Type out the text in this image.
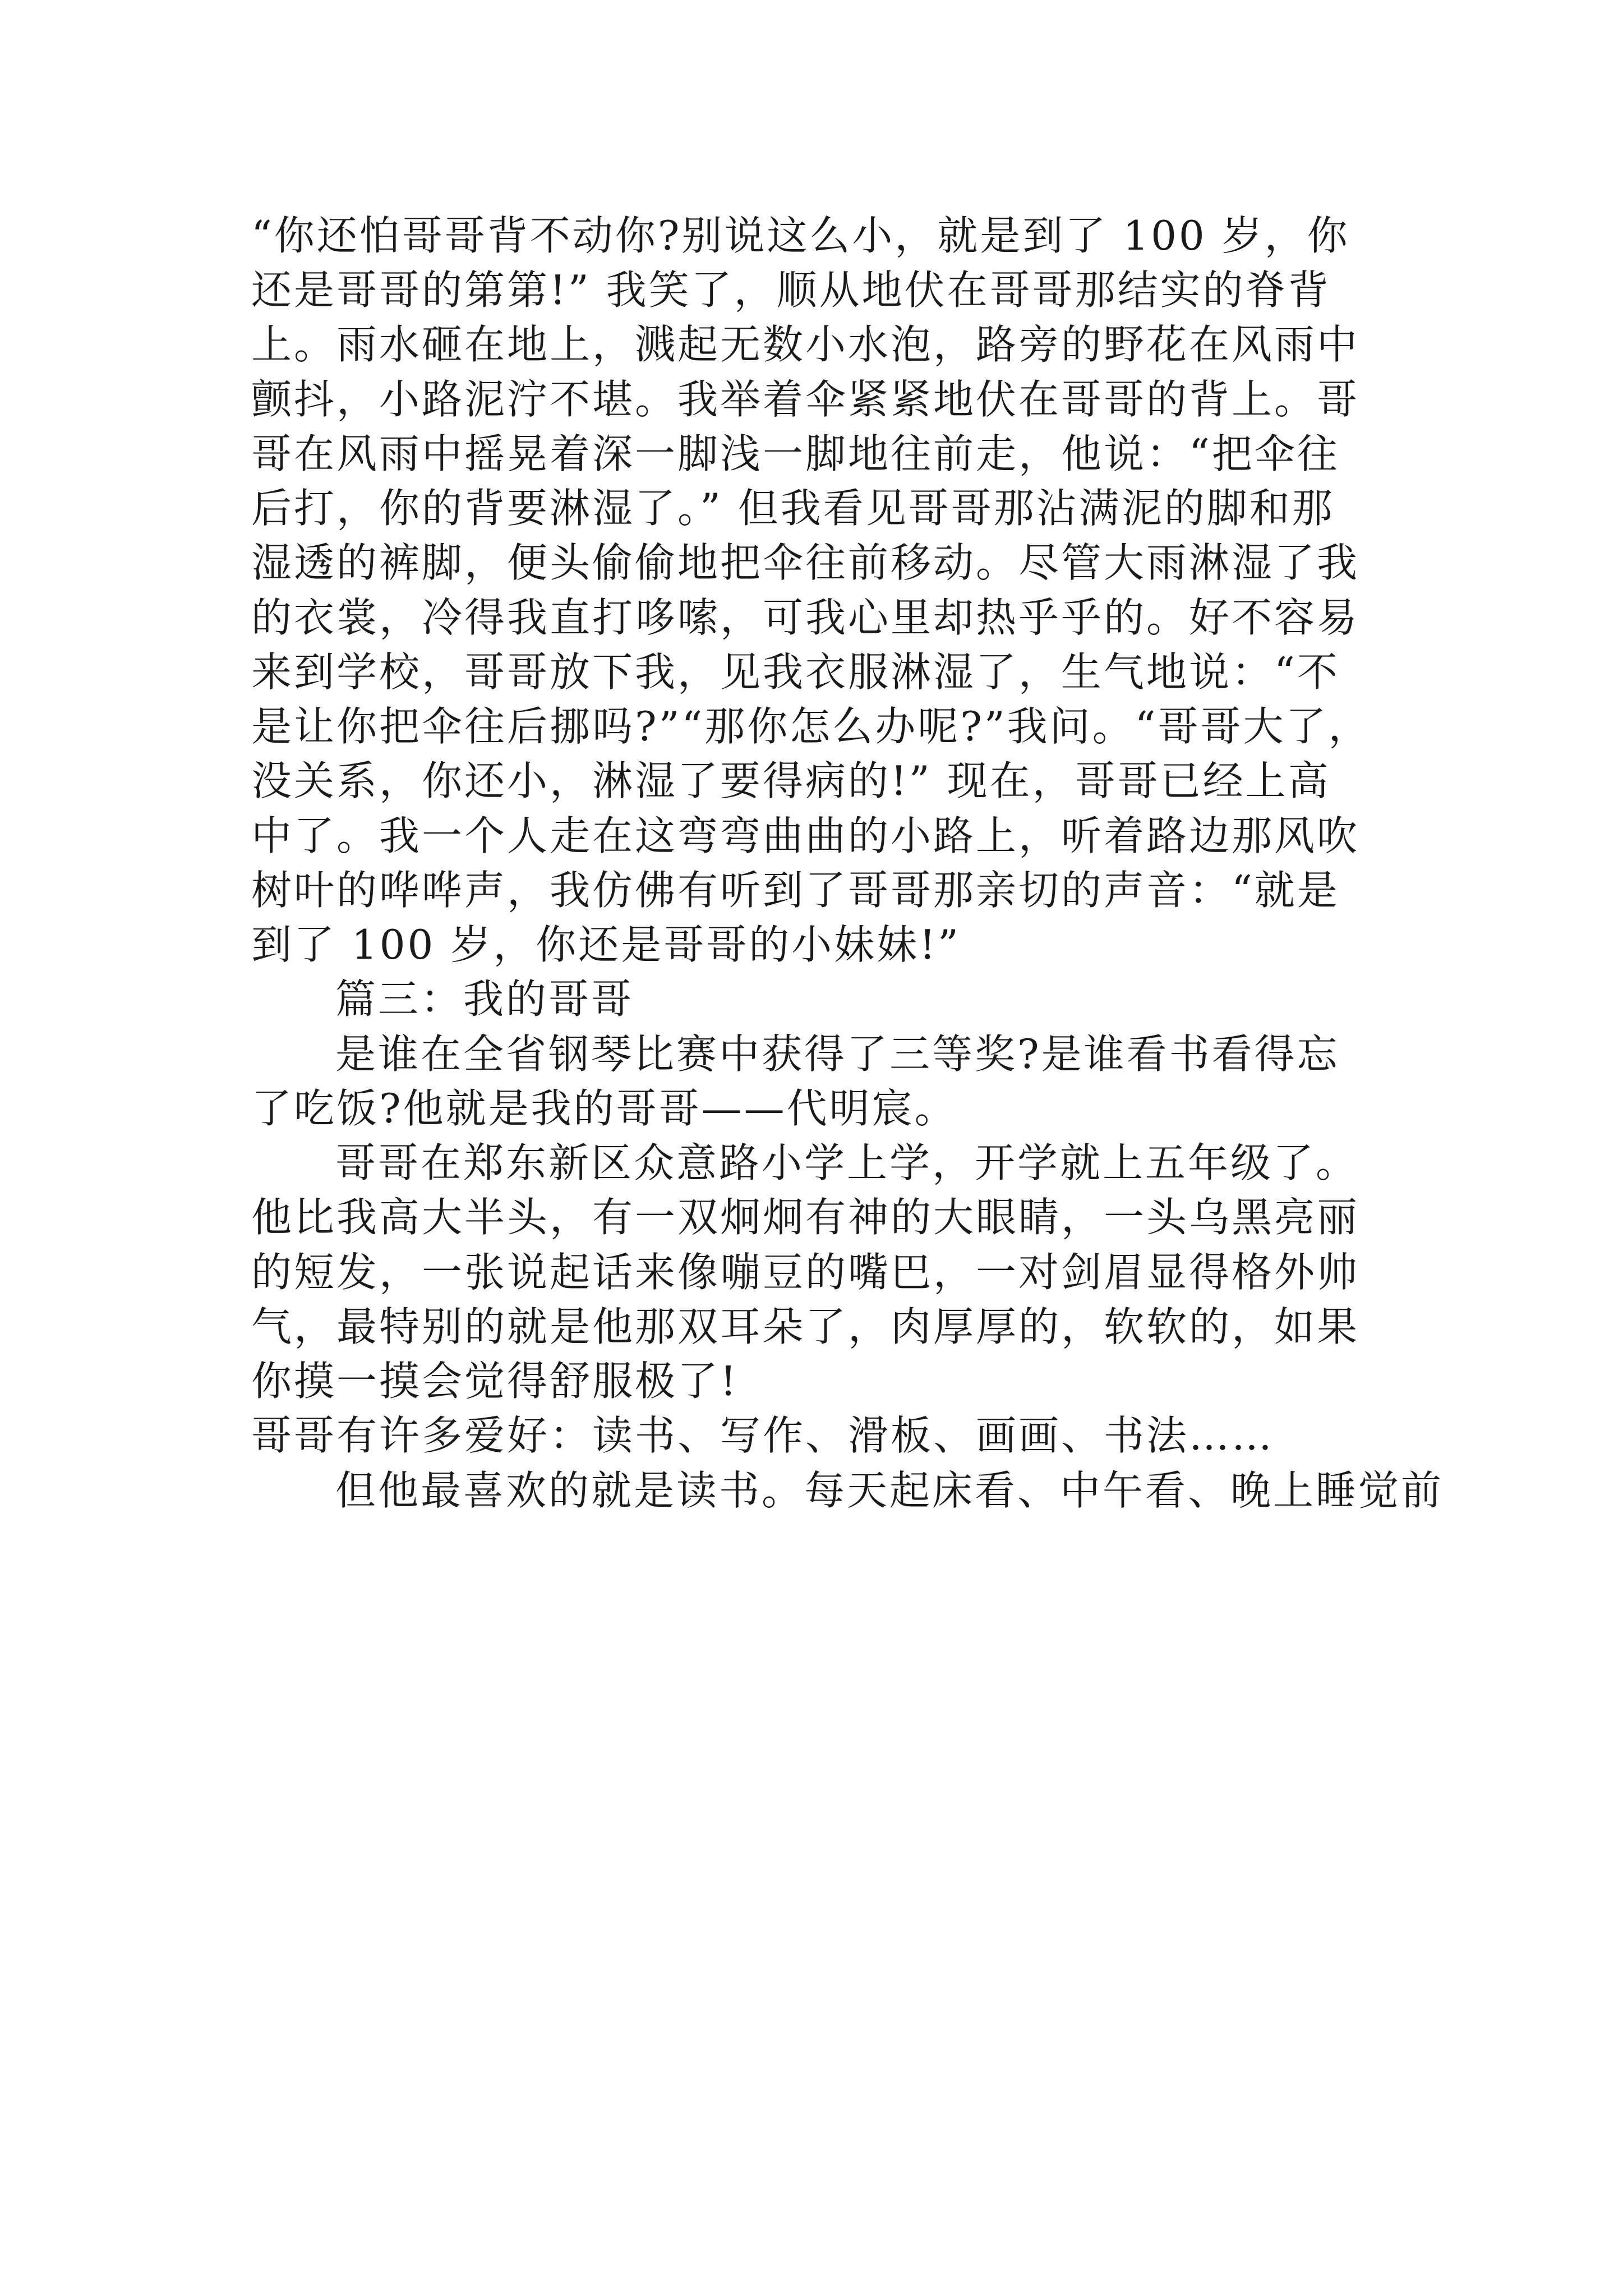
“你还怕哥哥背不动你?别说这么小，就是到了 100 岁，你
还是哥哥的第第!” 我笑了，顺从地伏在哥哥那结实的脊背
上。雨水砸在地上，溅起无数小水泡，路旁的野花在风雨中
颤抖，小路泥泞不堪。我举着伞紧紧地伏在哥哥的背上。哥
哥在风雨中摇晃着深一脚浅一脚地往前走，他说：“把伞往
后打，你的背要淋湿了。” 但我看见哥哥那沾满泥的脚和那
湿透的裤脚，便头偷偷地把伞往前移动。尽管大雨淋湿了我
的衣裳，冷得我直打哆嗦，可我心里却热乎乎的。好不容易
来到学校，哥哥放下我，见我衣服淋湿了，生气地说：“不
是让你把伞往后挪吗?”“那你怎么办呢?”我问。“哥哥大了，
没关系，你还小，淋湿了要得病的!” 现在，哥哥已经上高
中了。我一个人走在这弯弯曲曲的小路上，听着路边那风吹
树叶的哗哗声，我仿佛有听到了哥哥那亲切的声音：“就是
到了 100 岁，你还是哥哥的小妹妹!”
篇三：我的哥哥
是谁在全省钢琴比赛中获得了三等奖?是谁看书看得忘
了吃饭?他就是我的哥哥——代明宸。
哥哥在郑东新区众意路小学上学，开学就上五年级了。
他比我高大半头，有一双炯炯有神的大眼睛，一头乌黑亮丽
的短发，一张说起话来像嘣豆的嘴巴，一对剑眉显得格外帅
气，最特别的就是他那双耳朵了，肉厚厚的，软软的，如果
你摸一摸会觉得舒服极了!
哥哥有许多爱好：读书、写作、滑板、画画、书法……
但他最喜欢的就是读书。每天起床看、中午看、晚上睡觉前
